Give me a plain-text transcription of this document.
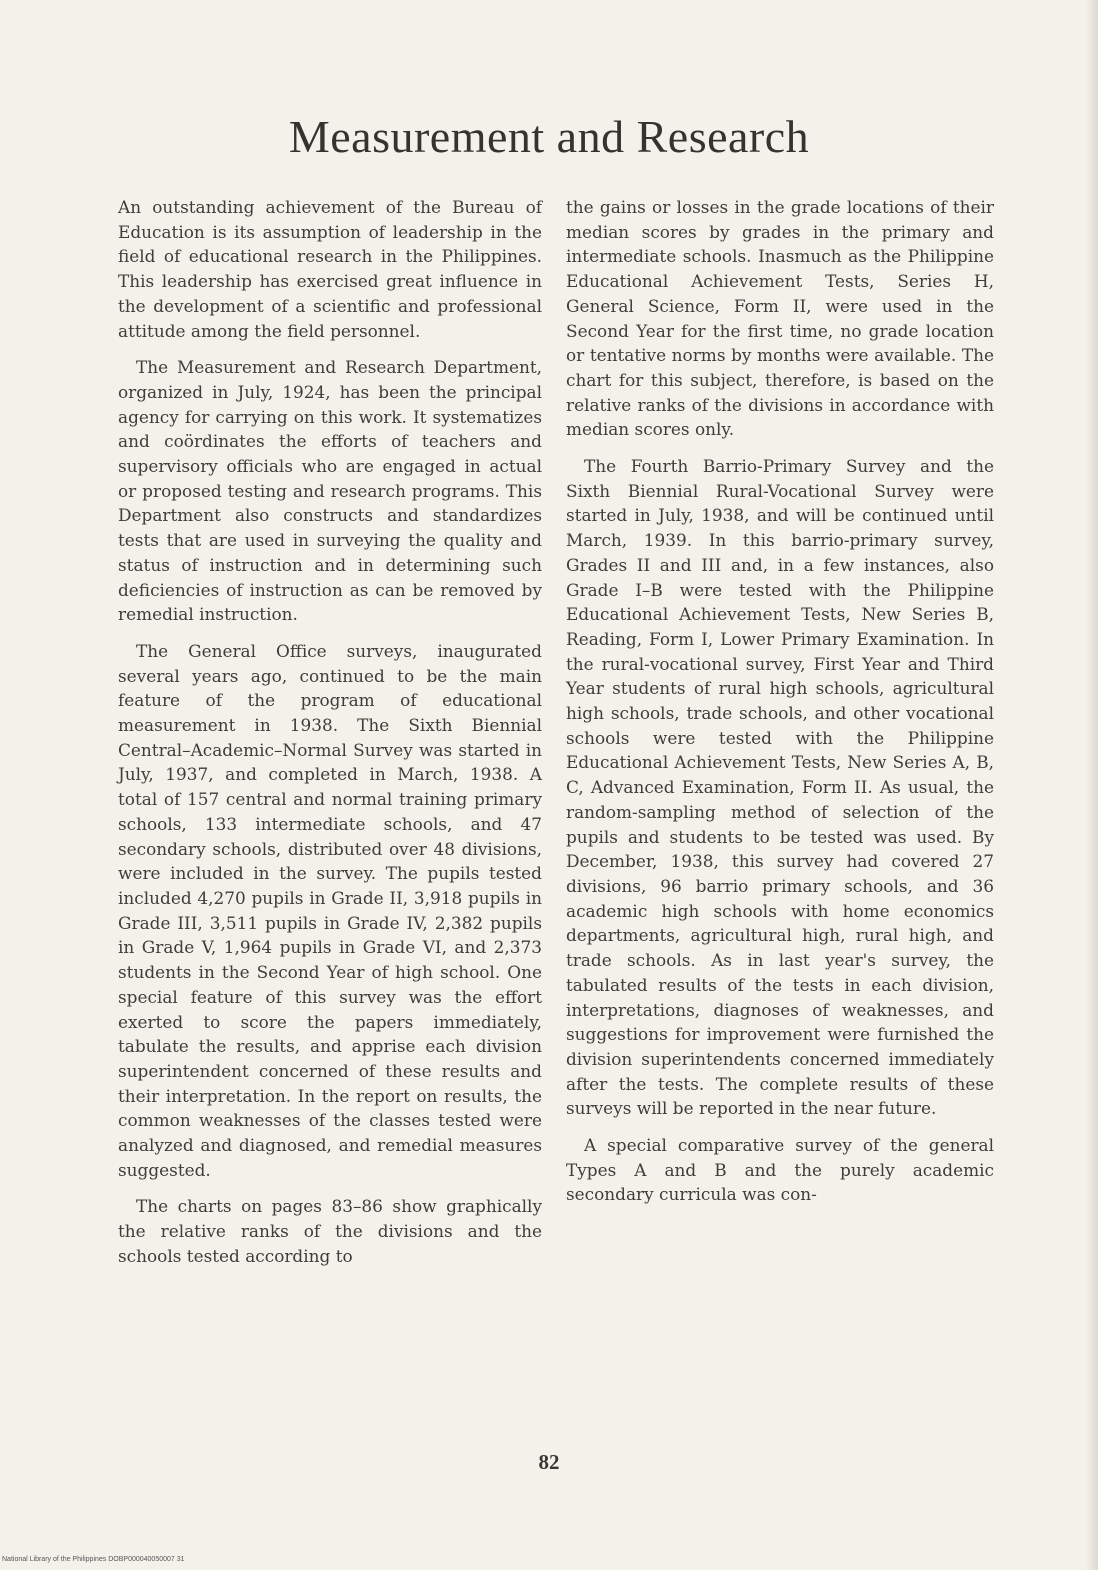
Measurement and Research

An outstanding achievement of the Bureau of Education is its assumption of leadership in the field of educational research in the Philippines. This leadership has exercised great influence in the development of a scientific and professional attitude among the field personnel.

The Measurement and Research Department, organized in July, 1924, has been the principal agency for carrying on this work. It systematizes and coördinates the efforts of teachers and supervisory officials who are engaged in actual or proposed testing and research programs. This Department also constructs and standardizes tests that are used in surveying the quality and status of instruction and in determining such deficiencies of instruction as can be removed by remedial instruction.

The General Office surveys, inaugurated several years ago, continued to be the main feature of the program of educational measurement in 1938. The Sixth Biennial Central–Academic–Normal Survey was started in July, 1937, and completed in March, 1938. A total of 157 central and normal training primary schools, 133 intermediate schools, and 47 secondary schools, distributed over 48 divisions, were included in the survey. The pupils tested included 4,270 pupils in Grade II, 3,918 pupils in Grade III, 3,511 pupils in Grade IV, 2,382 pupils in Grade V, 1,964 pupils in Grade VI, and 2,373 students in the Second Year of high school. One special feature of this survey was the effort exerted to score the papers immediately, tabulate the results, and apprise each division superintendent concerned of these results and their interpretation. In the report on results, the common weaknesses of the classes tested were analyzed and diagnosed, and remedial measures suggested.

The charts on pages 83–86 show graphically the relative ranks of the divisions and the schools tested according to

the gains or losses in the grade locations of their median scores by grades in the primary and intermediate schools. Inasmuch as the Philippine Educational Achievement Tests, Series H, General Science, Form II, were used in the Second Year for the first time, no grade location or tentative norms by months were available. The chart for this subject, therefore, is based on the relative ranks of the divisions in accordance with median scores only.

The Fourth Barrio-Primary Survey and the Sixth Biennial Rural-Vocational Survey were started in July, 1938, and will be continued until March, 1939. In this barrio-primary survey, Grades II and III and, in a few instances, also Grade I–B were tested with the Philippine Educational Achievement Tests, New Series B, Reading, Form I, Lower Primary Examination. In the rural-vocational survey, First Year and Third Year students of rural high schools, agricultural high schools, trade schools, and other vocational schools were tested with the Philippine Educational Achievement Tests, New Series A, B, C, Advanced Examination, Form II. As usual, the random-sampling method of selection of the pupils and students to be tested was used. By December, 1938, this survey had covered 27 divisions, 96 barrio primary schools, and 36 academic high schools with home economics departments, agricultural high, rural high, and trade schools. As in last year's survey, the tabulated results of the tests in each division, interpretations, diagnoses of weaknesses, and suggestions for improvement were furnished the division superintendents concerned immediately after the tests. The complete results of these surveys will be reported in the near future.

A special comparative survey of the general Types A and B and the purely academic secondary curricula was con-

82
National Library of the Philippines DOBP000040050007 31
